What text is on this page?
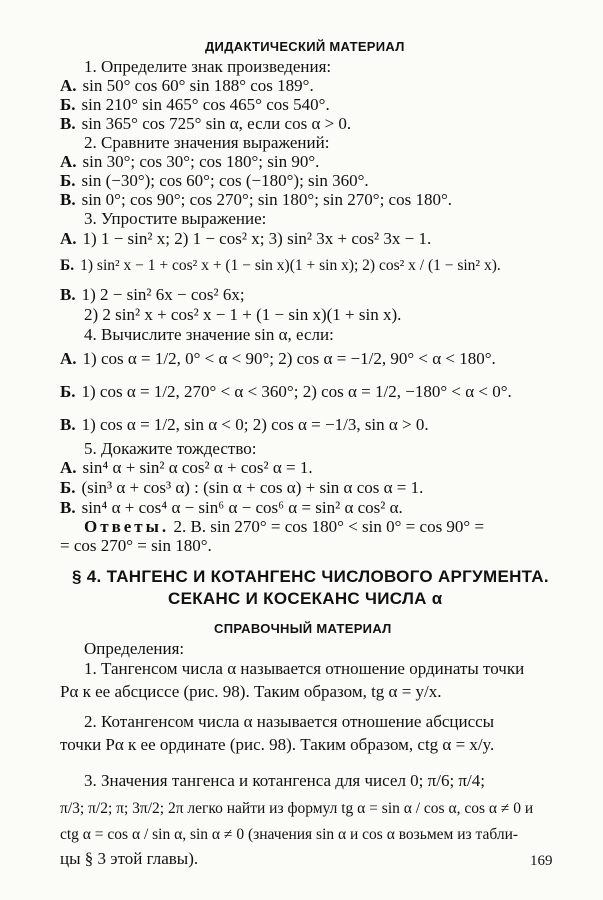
ДИДАКТИЧЕСКИЙ МАТЕРИАЛ
1. Определите знак произведения:
А. sin 50° cos 60° sin 188° cos 189°.
Б. sin 210° sin 465° cos 465° cos 540°.
В. sin 365° cos 725° sin α, если cos α > 0.
2. Сравните значения выражений:
А. sin 30°; cos 30°; cos 180°; sin 90°.
Б. sin (−30°); cos 60°; cos (−180°); sin 360°.
В. sin 0°; cos 90°; cos 270°; sin 180°; sin 270°; cos 180°.
3. Упростите выражение:
А. 1) 1 − sin² x; 2) 1 − cos² x; 3) sin² 3x + cos² 3x − 1.
Б. 1) sin² x − 1 + cos² x + (1 − sin x)(1 + sin x); 2) cos² x / (1 − sin² x).
В. 1) 2 − sin² 6x − cos² 6x;
2) 2 sin² x + cos² x − 1 + (1 − sin x)(1 + sin x).
4. Вычислите значение sin α, если:
А. 1) cos α = 1/2, 0° < α < 90°; 2) cos α = −1/2, 90° < α < 180°.
Б. 1) cos α = 1/2, 270° < α < 360°; 2) cos α = 1/2, −180° < α < 0°.
В. 1) cos α = 1/2, sin α < 0; 2) cos α = −1/3, sin α > 0.
5. Докажите тождество:
А. sin⁴ α + sin² α cos² α + cos² α = 1.
Б. (sin³ α + cos³ α) : (sin α + cos α) + sin α cos α = 1.
В. sin⁴ α + cos⁴ α − sin⁶ α − cos⁶ α = sin² α cos² α.
Ответы. 2. В. sin 270° = cos 180° < sin 0° = cos 90° =
= cos 270° = sin 180°.
§ 4. ТАНГЕНС И КОТАНГЕНС ЧИСЛОВОГО АРГУМЕНТА.
СЕКАНС И КОСЕКАНС ЧИСЛА α
СПРАВОЧНЫЙ МАТЕРИАЛ
Определения:
1. Тангенсом числа α называется отношение ординаты точки
Pα к ее абсциссе (рис. 98). Таким образом, tg α = y/x.
2. Котангенсом числа α называется отношение абсциссы
точки Pα к ее ординате (рис. 98). Таким образом, ctg α = x/y.
3. Значения тангенса и котангенса для чисел 0; π/6; π/4;
π/3; π/2; π; 3π/2; 2π легко найти из формул tg α = sin α / cos α, cos α ≠ 0 и
ctg α = cos α / sin α, sin α ≠ 0 (значения sin α и cos α возьмем из табли-
цы § 3 этой главы).	169
